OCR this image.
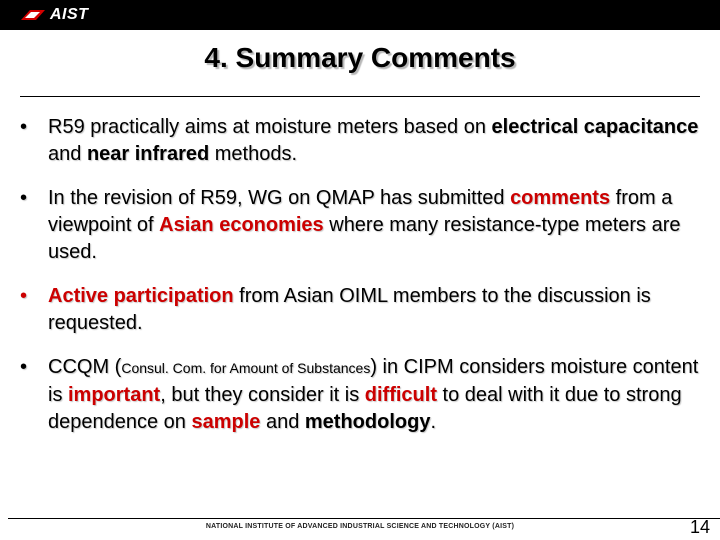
AIST
4. Summary Comments
• R59 practically aims at moisture meters based on electrical capacitance and near infrared methods.
• In the revision of R59, WG on QMAP has submitted comments from a viewpoint of Asian economies where many resistance-type meters are used.
• Active participation from Asian OIML members to the discussion is requested.
• CCQM (Consul. Com. for Amount of Substances) in CIPM considers moisture content is important, but they consider it is difficult to deal with it due to strong dependence on sample and methodology.
NATIONAL INSTITUTE OF ADVANCED INDUSTRIAL SCIENCE AND TECHNOLOGY (AIST)	14
